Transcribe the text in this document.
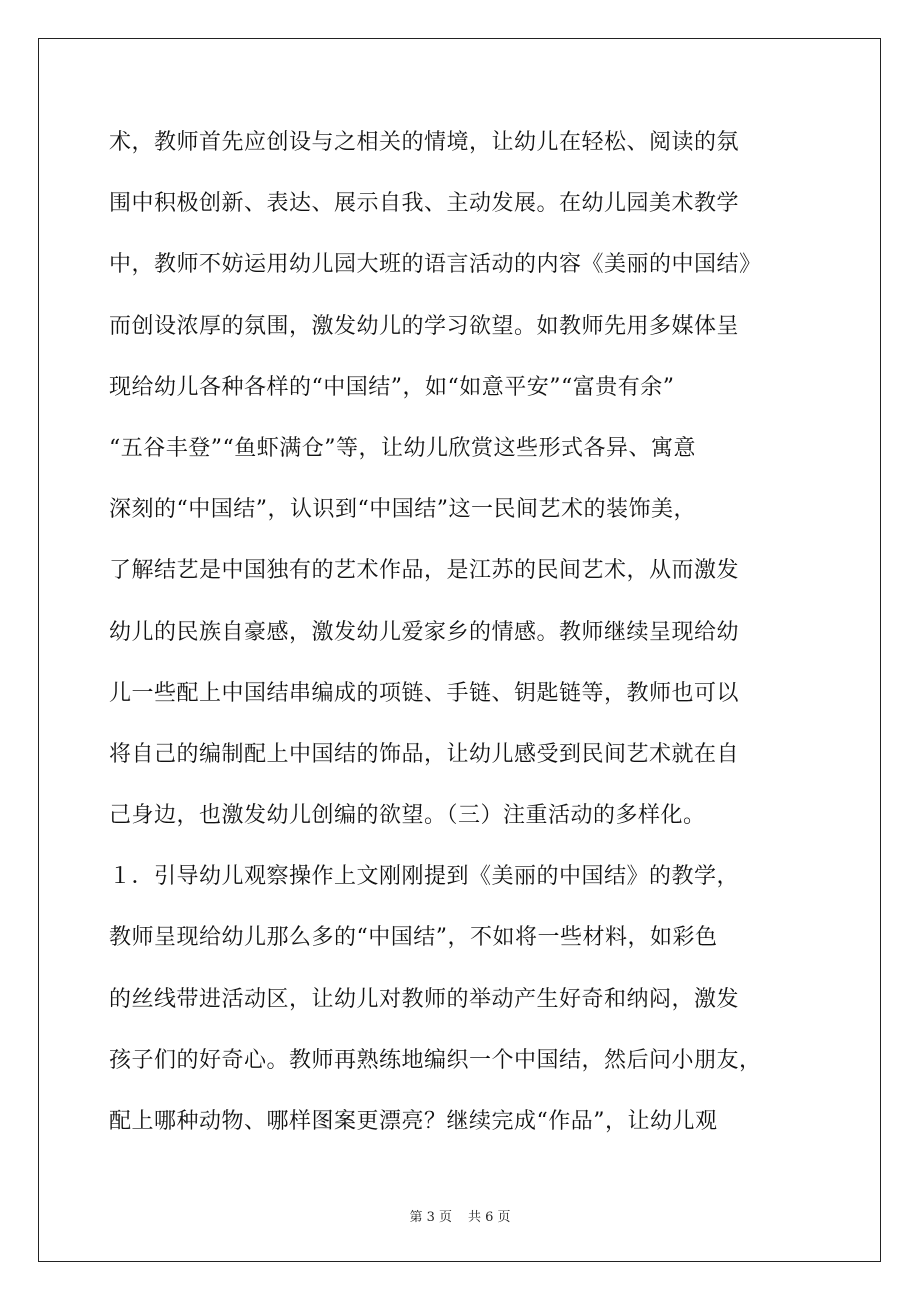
术，教师首先应创设与之相关的情境，让幼儿在轻松、阅读的氛
围中积极创新、表达、展示自我、主动发展。在幼儿园美术教学
中，教师不妨运用幼儿园大班的语言活动的内容《美丽的中国结》
而创设浓厚的氛围，激发幼儿的学习欲望。如教师先用多媒体呈
现给幼儿各种各样的“中国结”，如“如意平安”“富贵有余”
“五谷丰登”“鱼虾满仓”等，让幼儿欣赏这些形式各异、寓意
深刻的“中国结”，认识到“中国结”这一民间艺术的装饰美，
了解结艺是中国独有的艺术作品，是江苏的民间艺术，从而激发
幼儿的民族自豪感，激发幼儿爱家乡的情感。教师继续呈现给幼
儿一些配上中国结串编成的项链、手链、钥匙链等，教师也可以
将自己的编制配上中国结的饰品，让幼儿感受到民间艺术就在自
己身边，也激发幼儿创编的欲望。（三）注重活动的多样化。
１．引导幼儿观察操作上文刚刚提到《美丽的中国结》的教学，
教师呈现给幼儿那么多的“中国结”，不如将一些材料，如彩色
的丝线带进活动区，让幼儿对教师的举动产生好奇和纳闷，激发
孩子们的好奇心。教师再熟练地编织一个中国结，然后问小朋友，
配上哪种动物、哪样图案更漂亮？继续完成“作品”，让幼儿观
第 3 页 共 6 页
